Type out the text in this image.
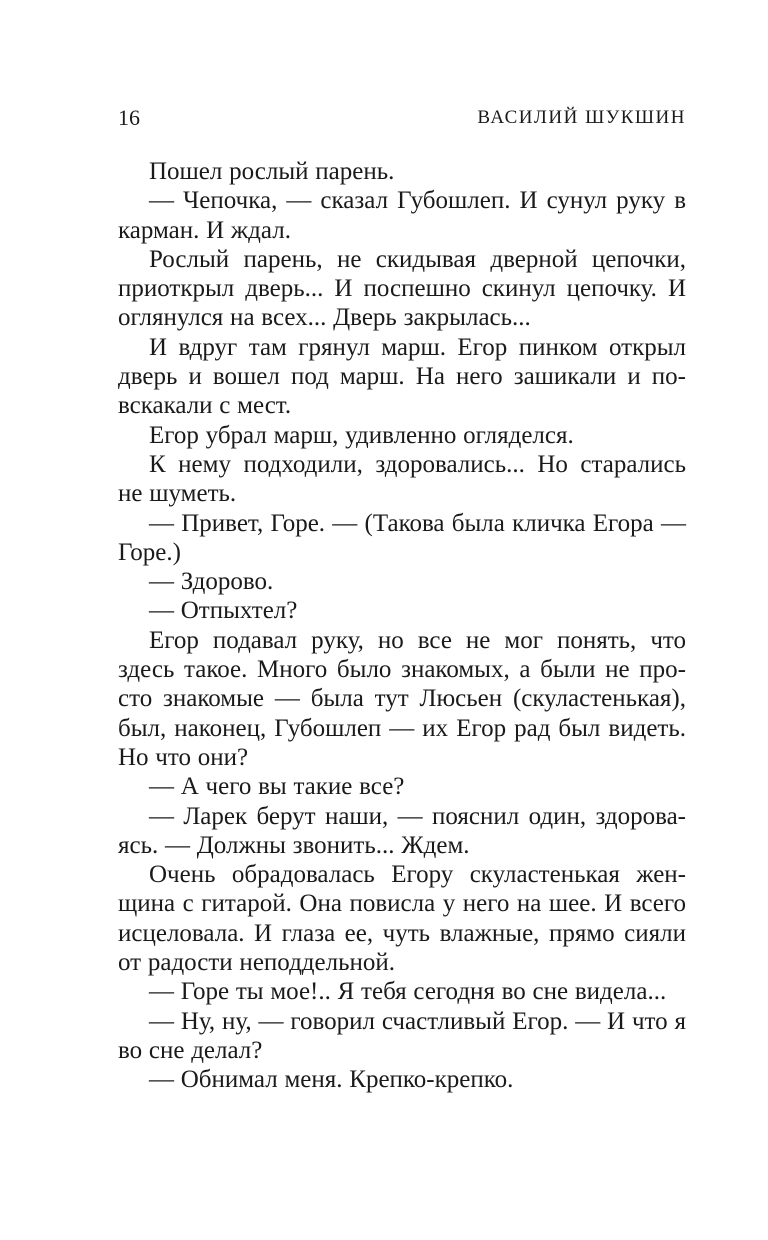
16	ВАСИЛИЙ ШУКШИН

Пошел рослый парень.

— Чепочка, — сказал Губошлеп. И сунул руку в карман. И ждал.

Рослый парень, не скидывая дверной цепочки, приоткрыл дверь... И поспешно скинул цепочку. И оглянулся на всех... Дверь закрылась...

И вдруг там грянул марш. Егор пинком открыл дверь и вошел под марш. На него зашикали и повскакали с мест.

Егор убрал марш, удивленно огляделся.

К нему подходили, здоровались... Но старались не шуметь.

— Привет, Горе. — (Такова была кличка Егора — Горе.)

— Здорово.

— Отпыхтел?

Егор подавал руку, но все не мог понять, что здесь такое. Много было знакомых, а были не просто знакомые — была тут Люсьен (скуластенькая), был, наконец, Губошлеп — их Егор рад был видеть. Но что они?

— А чего вы такие все?

— Ларек берут наши, — пояснил один, здороваясь. — Должны звонить... Ждем.

Очень обрадовалась Егору скуластенькая женщина с гитарой. Она повисла у него на шее. И всего исцеловала. И глаза ее, чуть влажные, прямо сияли от радости неподдельной.

— Горе ты мое!.. Я тебя сегодня во сне видела...

— Ну, ну, — говорил счастливый Егор. — И что я во сне делал?

— Обнимал меня. Крепко-крепко.
